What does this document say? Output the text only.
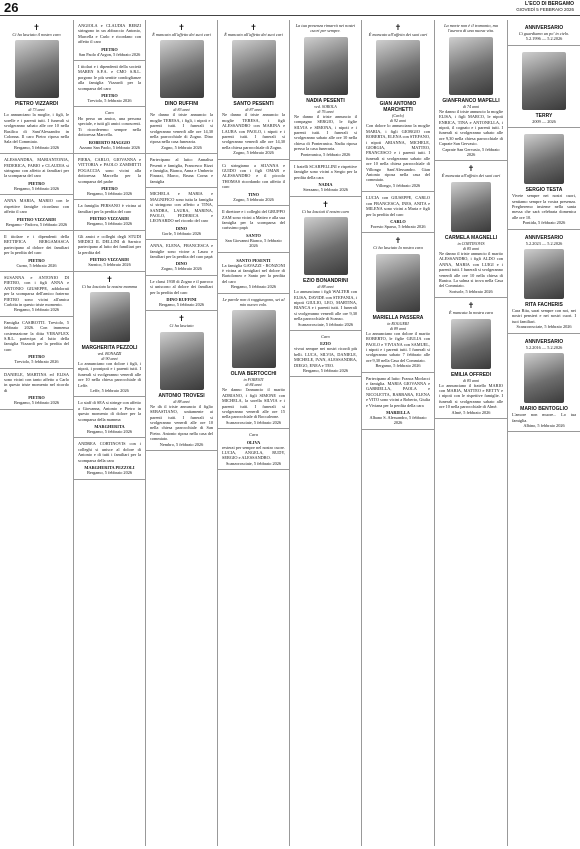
26	L'ECO DI BERGAMO
GIOVEDÌ 5 FEBBRAIO 2026
✝
Ci ha lasciato il nostro caro
PIETRO VIZZARDI
di 73 anni
Lo annunciano la moglie, i figli, le sorelle e i parenti tutti. I funerali si svolgeranno sabato alle ore 10 nella Basilica di Sant'Alessandro in Colonna. Il caro Pietro riposa nella Sala del Commiato.
Bergamo, 5 febbraio 2026
ALESSANDRA, MARIANTONIA, FEDERICA, FABIO e CLAUDIA si stringono con affetto ai familiari per la scomparsa del caro
PIETRO
Bergamo, 5 febbraio 2026
ANNA MARIA, MARIO con le rispettive famiglie ricordano con affetto il caro
PIETRO VIZZARDI
Bergamo - Padova, 5 febbraio 2026
Il titolare e i dipendenti della RETTIFICA BERGAMASCA partecipano al dolore dei familiari per la perdita del caro
PIETRO
Curno, 5 febbraio 2026
SUSANNA e ANTONIO DI PIETRO, con i figli ANNA e ANTONIO GIUSEPPE, addolorati per la scomparsa dell'amico fraterno PIETRO sono vicini all'amica Carlotta in questo triste momento.
Bergamo, 5 febbraio 2026
Famiglia CASIROTTI. Treviolo, 5 febbraio 2026. Con immensa costernazione la ditta VERAFLEX S.R.L. partecipa al lutto della famiglia Vizzardi per la perdita del caro
PIETRO
Treviolo, 5 febbraio 2026
DANIELE, MARTINA ed ELISA sono vicini con tanto affetto a Carlo in questo triste momento nel ricordo di
PIETRO
Bergamo, 5 febbraio 2026
ANGIOLA e CLAUDIA BERZI stringono in un abbraccio Antonio, Marcella e Carlo e ricordano con affetto il caro
PIETRO
San Paolo d'Argon, 5 febbraio 2026
I titolari e i dipendenti della società MAREN S.P.A. e CMO S.R.L. porgono le più sentite condoglianze alla famiglia Vizzardi per la scomparsa del caro
PIETRO
Treviolo, 5 febbraio 2026
Caro
Ho perso un amico, una persona speciale, e tutti gli amici conoscenti. Ti ricorderemo sempre nella dottoressa Marcella.
ROBERTO MAGGIO
Azzano San Paolo, 5 febbraio 2026
PIERA, CARLO, GIOVANNA e VITTORIA e PAOLO ZAMMITTI FOGACCIA sono vicini alla dottoressa Marcella per la scomparsa del padre
PIETRO
Bergamo, 5 febbraio 2026
La famiglia PERSANO è vicina ai familiari per la perdita del caro
PIETRO VIZZARDI
Bergamo, 5 febbraio 2026
Gli amici e colleghi degli STUDI MEDICI IL DELLINI di Sarnico partecipano al lutto dei familiari per la perdita del
PIETRO VIZZARDI
Sarnico, 5 febbraio 2026
✝
Ci ha lasciato la nostra mamma
MARGHERITA PEZZOLI
ved. BONAZZI
di 90 anni
Lo annunciano con dolore i figli, i nipoti, i pronipoti e i parenti tutti. I funerali si svolgeranno venerdì alle ore 10 nella chiesa parrocchiale di Leffe.
Leffe, 5 febbraio 2026
Lo staff di SEA si stringe con affetto a Giovanna, Antonio e Pietro in questo momento di dolore per la scomparsa della mamma
MARGHERITA
Bergamo, 5 febbraio 2026
ANDREA CORTINOVIS con i colleghi si unisce al dolore di Antonio e di tutti i familiari per la scomparsa della cara
MARGHERITA PEZZOLI
Bergamo, 5 febbraio 2026
✝
È mancato all'affetto dei suoi cari
DINO RUFFINI
di 83 anni
Ne danno il triste annuncio la moglie TERESA, i figli, i nipoti e i parenti tutti. I funerali si svolgeranno venerdì alle ore 14,30 nella parrocchiale di Zogno. Dino riposa nella casa funeraria.
Zogno, 5 febbraio 2026
Partecipano al lutto: Annalisa Pesenti e famiglia, Francesco Rizzi e famiglia, Bianca, Anna e Umberto Finazzi, Marco, Bruna Corna e famiglia
MICHELA e MARIA e MAGNIFICO sono tutta la famiglia si stringono con affetto a TINA, SANDRA, LAURA, MARINA, PAOLO, FEDERICA e LEONARDO nel ricordo del caro
DINO
Gorle, 5 febbraio 2026
ANNA, ELENA, FRANCESCA e famiglie sono vicine a Laura e familiari per la perdita del caro papà
DINO
Zogno, 5 febbraio 2026
Le classi 1938 di Zogno e il parroco si uniscono al dolore dei familiari per la perdita del caro
DINO RUFFINI
Bergamo, 5 febbraio 2026
✝
Ci ha lasciato
ANTONIO TROVESI
di 88 anni
Ne dà il triste annuncio il figlio SEBASTIANO, unitamente ai parenti tutti. I funerali si svolgeranno venerdì alle ore 10 nella chiesa parrocchiale di San Pietro. Antonio riposa nella casa del commiato.
Nembro, 5 febbraio 2026
✝
È mancato all'affetto dei suoi cari
SANTO PESENTI
di 87 anni
Ne danno il triste annuncio la moglie TERESA, i figli ALESSANDRO con MARINA e LAURA con PAOLO, i nipoti e i parenti tutti. I funerali si svolgeranno venerdì alle ore 14,30 nella chiesa parrocchiale di Zogno.
Zogno, 5 febbraio 2026
Ci stringiamo a SILVANA e GUIDO con i figli OMAR e ALESSANDRO e il piccolo THOMAS ricordando con affetto il caro
TINO
Zogno, 5 febbraio 2026
Il direttore e i colleghi del GRUPPO ZAM sono vicini a Matteo e alla sua famiglia per la scomparsa del carissimo papà
SANTO
San Giovanni Bianco, 5 febbraio 2026
SANTO PESENTI
La famiglia GAVAZZI - RONZONI è vicina ai famigliari nel dolore di Bartolomeo e Santo per la perdita del caro
Bergamo, 5 febbraio 2026
Le parole non ti raggiungono, sei al mio nuovo volo.
OLIVA BERTOCCHI
in FORESTI
di 84 anni
Ne danno l'annuncio il marito ADRIANO, i figli SIMONE con MICHELA, la sorella SILVIA e i parenti tutti. I funerali si svolgeranno venerdì alle ore 15 nella parrocchiale di Boccaleone.
Scanzorosciate, 5 febbraio 2026
Cara
OLIVA
resterai per sempre nel nostro cuore. LUCIA, ANGELA, RUDY, SERGIO e ALESSANDRO.
Scanzorosciate, 5 febbraio 2026
La tua presenza rimarrà nei nostri cuori per sempre.
NADIA PESENTI
ved. SOROLA
di 76 anni
Ne danno il triste annuncio il compagno SERGIO, le figlie SILVIA e SIMONA, i nipoti e i parenti tutti. I funerali si svolgeranno sabato alle ore 10 nella chiesa di Ponteranica. Nadia riposa presso la casa funeraria.
Ponteranica, 5 febbraio 2026
I fratelli SCARPELLINI e rispettive famiglie sono vicini a Sergio per la perdita della cara
NADIA
Stezzano, 5 febbraio 2026
✝
Ci ha lasciati il nostro caro
EZIO BONANDRINI
di 88 anni
Lo annunciano i figli WALTER con ELISA, DAVIDE con STEFANIA, i nipoti GIULIO, LEO, MARTINA, BIANCA e i parenti tutti. I funerali si svolgeranno venerdì alle ore 9,30 nella parrocchiale di Scanzo.
Scanzorosciate, 5 febbraio 2026
Caro
EZIO
vivrai sempre nei nostri ricordi più belli. LUCA, SILVIA, DANIELE, MICHELE, IVAN, ALESSANDRA, DIEGO, ENEA e TEO.
Bergamo, 5 febbraio 2026
✝
È mancato all'affetto dei suoi cari
GIAN ANTONIO MARCHETTI
(Carlo)
di 92 anni
Con dolore lo annunciano la moglie MARIA, i figli GIORGIO con ROBERTA, ELENA con STEFANO, i nipoti ARIANNA, MICHELE, GIORGIA, MATTEO, FRANCESCO e i parenti tutti. I funerali si svolgeranno sabato alle ore 10 nella chiesa parrocchiale di Villongo Sant'Alessandro. Gian Antonio riposa nella casa del commiato.
Villongo, 5 febbraio 2026
LUCIA con GIUSEPPE, CARLO con FRANCESCA, INES, ANITA e MILENA sono vicini a Maria e figli per la perdita del caro
CARLO
Foresto Sparso, 5 febbraio 2026
✝
Ci ha lasciato la nostra cara
MARIELLA PASSERA
in ROGGERI
di 89 anni
Lo annunciano con dolore il marito ROBERTO, le figlie GIULIA con PAOLO e VIVIANA con SAMUEL, i nipoti e i parenti tutti. I funerali si svolgeranno sabato 7 febbraio alle ore 9,30 nella Casa del Commiato.
Bergamo, 5 febbraio 2026
Partecipano al lutto: Franca Morlacci e famiglia. MARIA GIOVANNA e GABRIELLA, PAOLA e NICOLETTA, BARBARA, ELENA e VITO sono vicini a Roberto, Giulia e Viviana per la perdita della cara
MARIELLA
Albano S. Alessandro, 5 febbraio 2026
La morte non è il tramonto, ma l'aurora di una nuova vita.
GIANFRANCO MAPELLI
di 74 anni
Ne danno il triste annuncio la moglie ELISA, i figli MARCO, le nipoti ENRICA, TINA e ANTONELLA, i nipoti, il cognato e i parenti tutti. I funerali si svolgeranno sabato alle ore 9,30 nella chiesa parrocchiale di Caprate San Gervasio.
Caprate San Gervasio, 5 febbraio 2026
✝
È mancata all'affetto dei suoi cari
CARMELA MAGNELLI
in CORTINOVIS
di 85 anni
Ne danno il triste annuncio il marito ALESSANDRO, i figli ALDO con ANNA, MARIA con LUIGI e i parenti tutti. I funerali si svolgeranno venerdì alle ore 10 nella chiesa di Ranica. La salma si trova nella Casa del Commiato.
Sorisole, 5 febbraio 2026
✝
È mancata la nostra cara
EMILIA OFFREDI
di 85 anni
Lo annunciano il fratello MARIO con MARIA, MATTEO e BETTY e i nipoti con le rispettive famiglie. I funerali si svolgeranno sabato alle ore 10 nella parrocchiale di Almè.
Almè, 5 febbraio 2026
ANNIVERSARIO
Ci guardiamo un po' in cielo.
5.2.1996 — 5.2.2026
TERRY
2009 — 2026
SERGIO TESTA
Vivete sempre nei nostri cuori, sentiamo sempre la vostra presenza. Pregheremo insieme nella santa messa che sarà celebrata domenica alle ore 10.
Pontida, 5 febbraio 2026
ANNIVERSARIO
5.2.2023 — 5.2.2026
RITA FACHERIS
Cara Rita, sarai sempre con noi, nei nostri pensieri e nei nostri cuori. I tuoi familiari.
Scanzorosciate, 5 febbraio 2026
ANNIVERSARIO
5.2.2016 — 5.2.2026
MARIO BENTOGLIO
L'amore non muore... Lo tua famiglia.
Albino, 5 febbraio 2026
